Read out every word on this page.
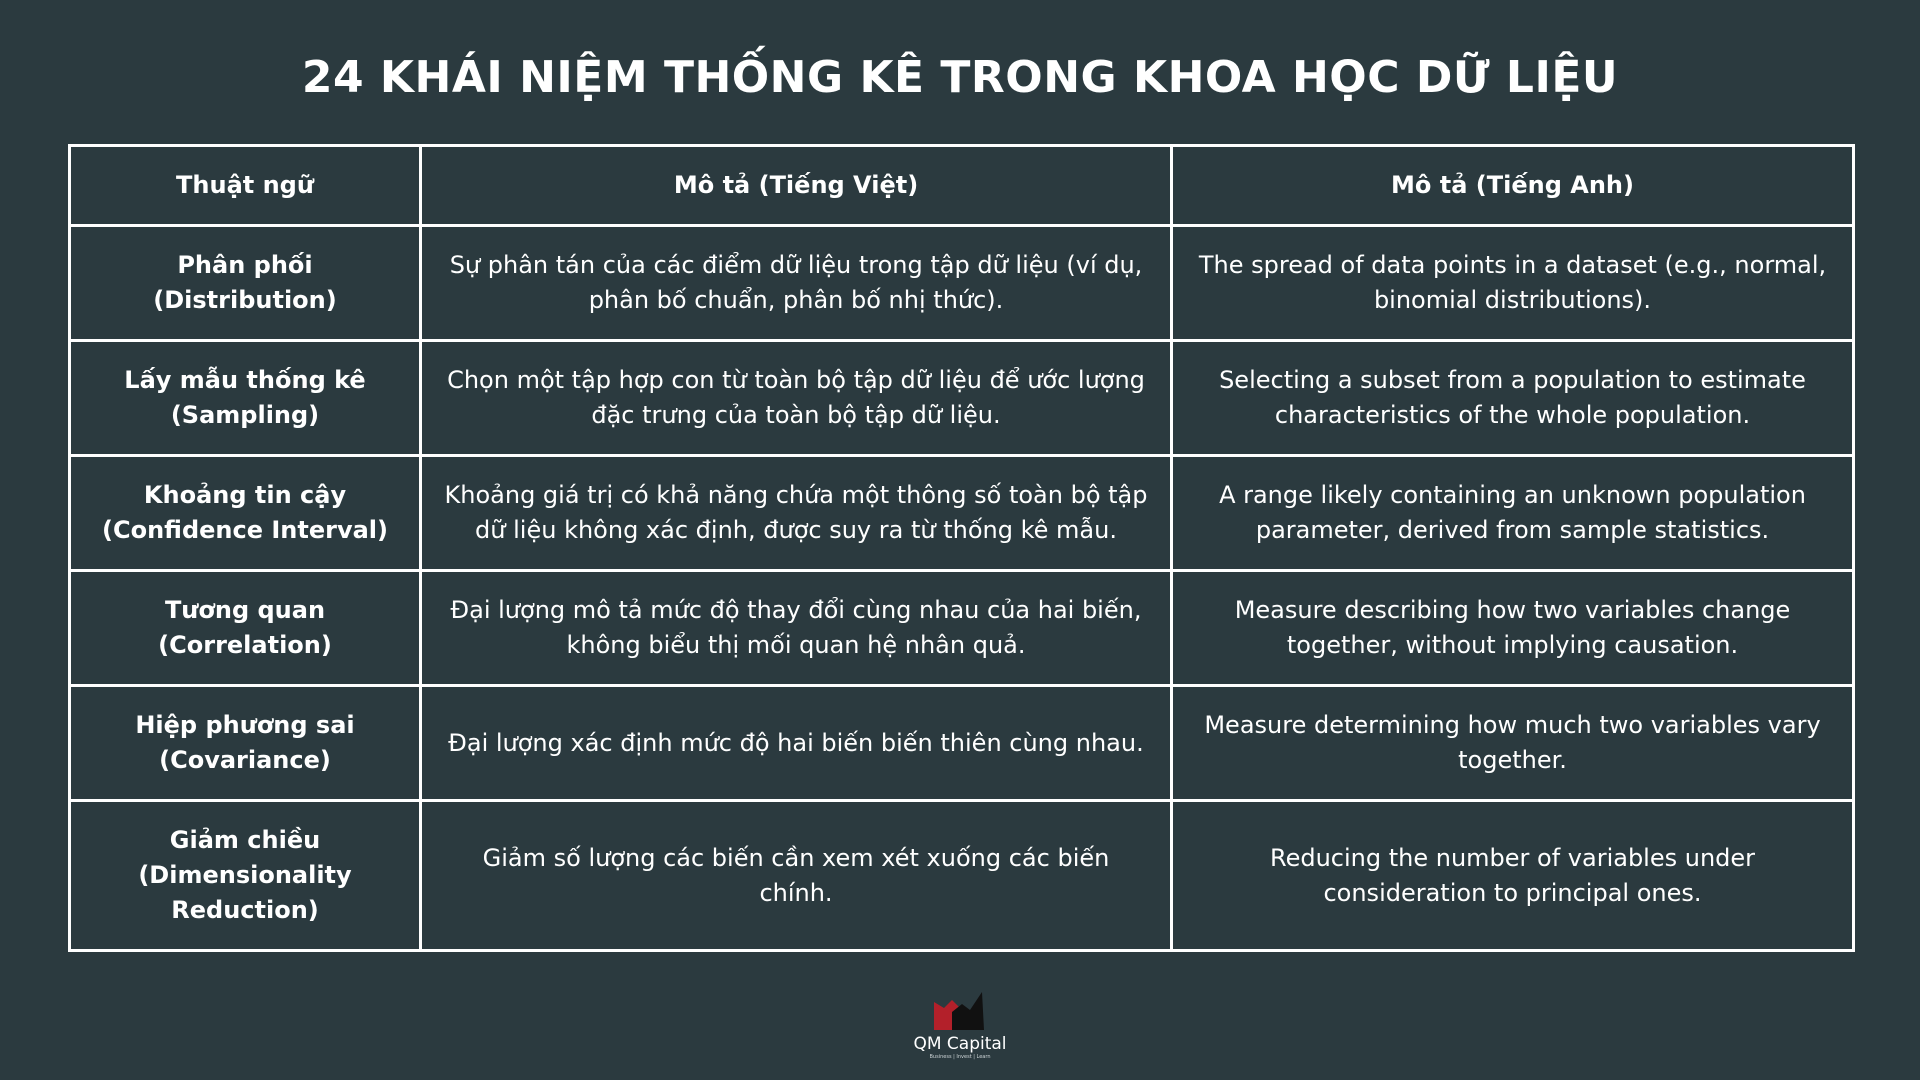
24 KHÁI NIỆM THỐNG KÊ TRONG KHOA HỌC DỮ LIỆU
Thuật ngữ	Mô tả (Tiếng Việt)	Mô tả (Tiếng Anh)
Phân phối (Distribution)	Sự phân tán của các điểm dữ liệu trong tập dữ liệu (ví dụ, phân bố chuẩn, phân bố nhị thức).	The spread of data points in a dataset (e.g., normal, binomial distributions).
Lấy mẫu thống kê (Sampling)	Chọn một tập hợp con từ toàn bộ tập dữ liệu để ước lượng đặc trưng của toàn bộ tập dữ liệu.	Selecting a subset from a population to estimate characteristics of the whole population.
Khoảng tin cậy (Confidence Interval)	Khoảng giá trị có khả năng chứa một thông số toàn bộ tập dữ liệu không xác định, được suy ra từ thống kê mẫu.	A range likely containing an unknown population parameter, derived from sample statistics.
Tương quan (Correlation)	Đại lượng mô tả mức độ thay đổi cùng nhau của hai biến, không biểu thị mối quan hệ nhân quả.	Measure describing how two variables change together, without implying causation.
Hiệp phương sai (Covariance)	Đại lượng xác định mức độ hai biến biến thiên cùng nhau.	Measure determining how much two variables vary together.
Giảm chiều (Dimensionality Reduction)	Giảm số lượng các biến cần xem xét xuống các biến chính.	Reducing the number of variables under consideration to principal ones.
QM Capital
Business | Invest | Learn
